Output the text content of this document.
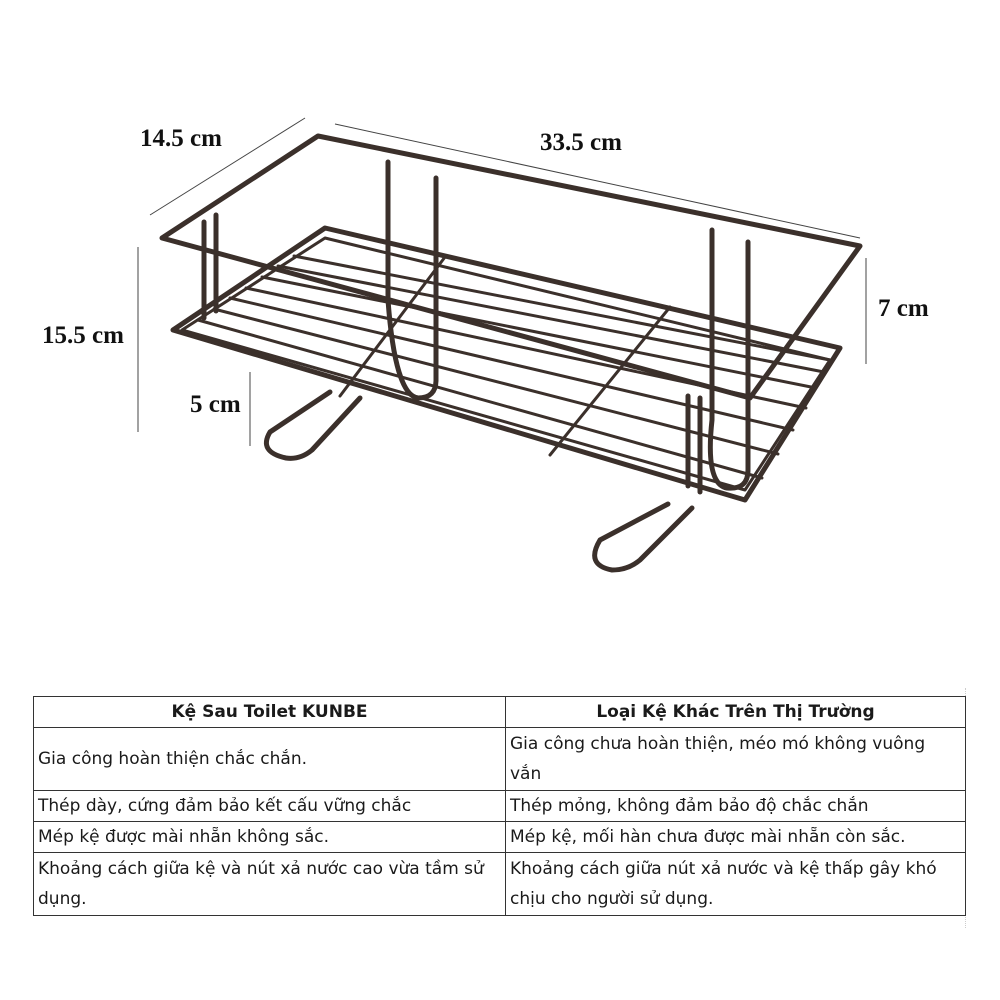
14.5 cm	33.5 cm
15.5 cm
7 cm
5 cm
Kệ Sau Toilet KUNBE	Loại Kệ Khác Trên Thị Trường
Gia công hoàn thiện chắc chắn.	Gia công chưa hoàn thiện, méo mó không vuông vắn
Thép dày, cứng đảm bảo kết cấu vững chắc	Thép mỏng, không đảm bảo độ chắc chắn
Mép kệ được mài nhẵn không sắc.	Mép kệ, mối hàn chưa được mài nhẵn còn sắc.
Khoảng cách giữa kệ và nút xả nước cao vừa tầm sử dụng.	Khoảng cách giữa nút xả nước và kệ thấp gây khó chịu cho người sử dụng.
